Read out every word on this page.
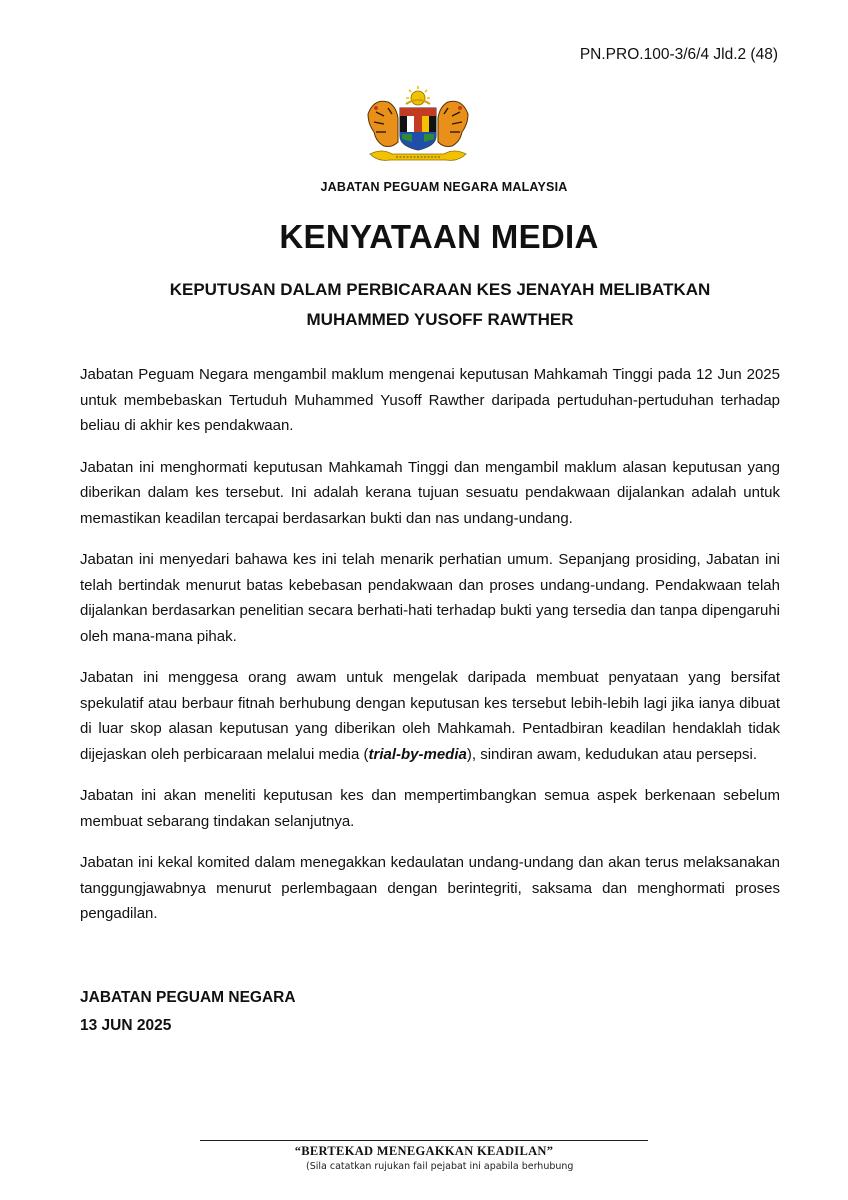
PN.PRO.100-3/6/4 Jld.2 (48)
JABATAN PEGUAM NEGARA MALAYSIA
KENYATAAN MEDIA
KEPUTUSAN DALAM PERBICARAAN KES JENAYAH MELIBATKAN
MUHAMMED YUSOFF RAWTHER

Jabatan Peguam Negara mengambil maklum mengenai keputusan Mahkamah Tinggi pada 12 Jun 2025 untuk membebaskan Tertuduh Muhammed Yusoff Rawther daripada pertuduhan-pertuduhan terhadap beliau di akhir kes pendakwaan.

Jabatan ini menghormati keputusan Mahkamah Tinggi dan mengambil maklum alasan keputusan yang diberikan dalam kes tersebut. Ini adalah kerana tujuan sesuatu pendakwaan dijalankan adalah untuk memastikan keadilan tercapai berdasarkan bukti dan nas undang-undang.

Jabatan ini menyedari bahawa kes ini telah menarik perhatian umum. Sepanjang prosiding, Jabatan ini telah bertindak menurut batas kebebasan pendakwaan dan proses undang-undang. Pendakwaan telah dijalankan berdasarkan penelitian secara berhati-hati terhadap bukti yang tersedia dan tanpa dipengaruhi oleh mana-mana pihak.

Jabatan ini menggesa orang awam untuk mengelak daripada membuat penyataan yang bersifat spekulatif atau berbaur fitnah berhubung dengan keputusan kes tersebut lebih-lebih lagi jika ianya dibuat di luar skop alasan keputusan yang diberikan oleh Mahkamah. Pentadbiran keadilan hendaklah tidak dijejaskan oleh perbicaraan melalui media (trial-by-media), sindiran awam, kedudukan atau persepsi.

Jabatan ini akan meneliti keputusan kes dan mempertimbangkan semua aspek berkenaan sebelum membuat sebarang tindakan selanjutnya.

Jabatan ini kekal komited dalam menegakkan kedaulatan undang-undang dan akan terus melaksanakan tanggungjawabnya menurut perlembagaan dengan berintegriti, saksama dan menghormati proses pengadilan.

JABATAN PEGUAM NEGARA
13 JUN 2025
“BERTEKAD MENEGAKKAN KEADILAN”
(Sila catatkan rujukan fail pejabat ini apabila berhubung
